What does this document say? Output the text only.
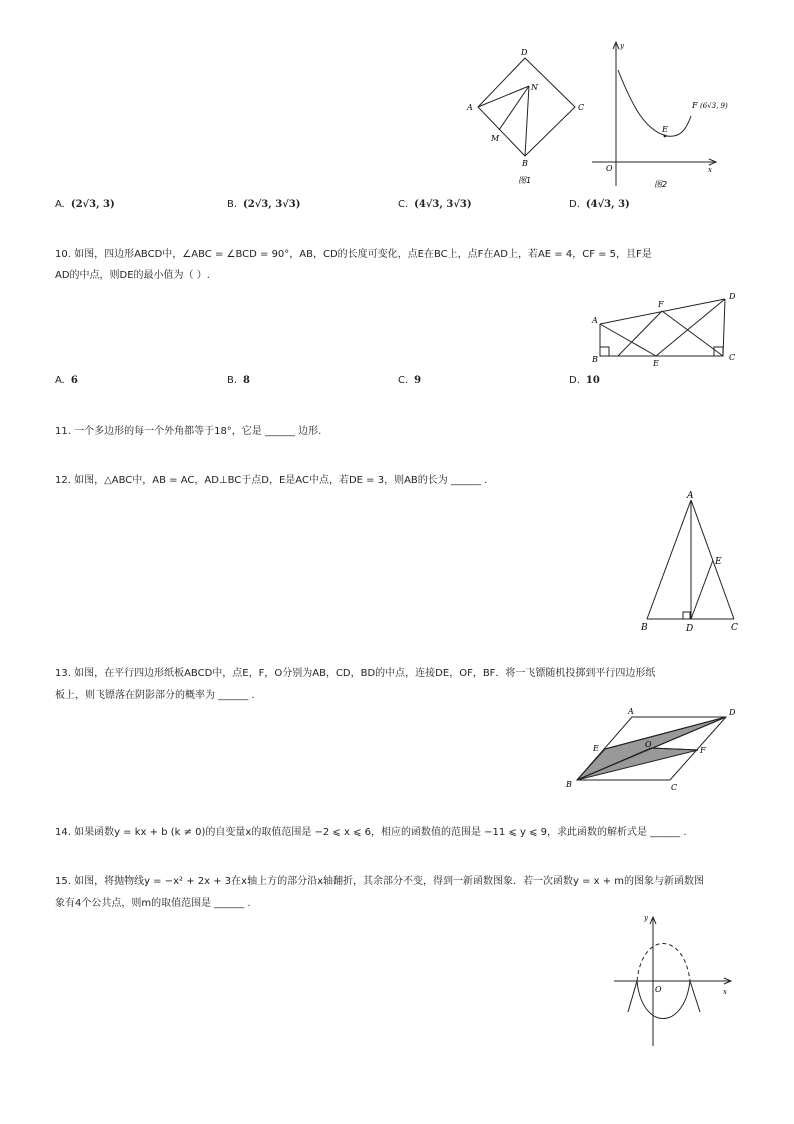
D
A
N
C
M
B
图1
y
x
O
E
F (6√3, 9)
图2
A. (2√3, 3)	B. (2√3, 3√3)	C. (4√3, 3√3)	D. (4√3, 3)
10. 如图，四边形ABCD中，∠ABC = ∠BCD = 90°，AB，CD的长度可变化，点E在BC上，点F在AD上，若AE = 4，CF = 5，且F是
AD的中点，则DE的最小值为（ ）.
A
F
D
B	E
C
A. 6	B. 8	C. 9	D. 10
11. 一个多边形的每一个外角都等于18°，它是 ______ 边形.
12. 如图，△ABC中，AB = AC，AD⊥BC于点D，E是AC中点，若DE = 3，则AB的长为 ______ .
A
E
B	D	C
13. 如图，在平行四边形纸板ABCD中，点E，F，O分别为AB，CD，BD的中点，连接DE，OF，BF．将一飞镖随机投掷到平行四边形纸
板上，则飞镖落在阴影部分的概率为 ______ .
A	D
E	O
F
B	C
14. 如果函数y = kx + b (k ≠ 0)的自变量x的取值范围是 −2 ⩽ x ⩽ 6，相应的函数值的范围是 −11 ⩽ y ⩽ 9，求此函数的解析式是 ______ .
15. 如图，将抛物线y = −x² + 2x + 3在x轴上方的部分沿x轴翻折，其余部分不变，得到一新函数图象．若一次函数y = x + m的图象与新函数图
象有4个公共点，则m的取值范围是 ______ .
y
O	x
